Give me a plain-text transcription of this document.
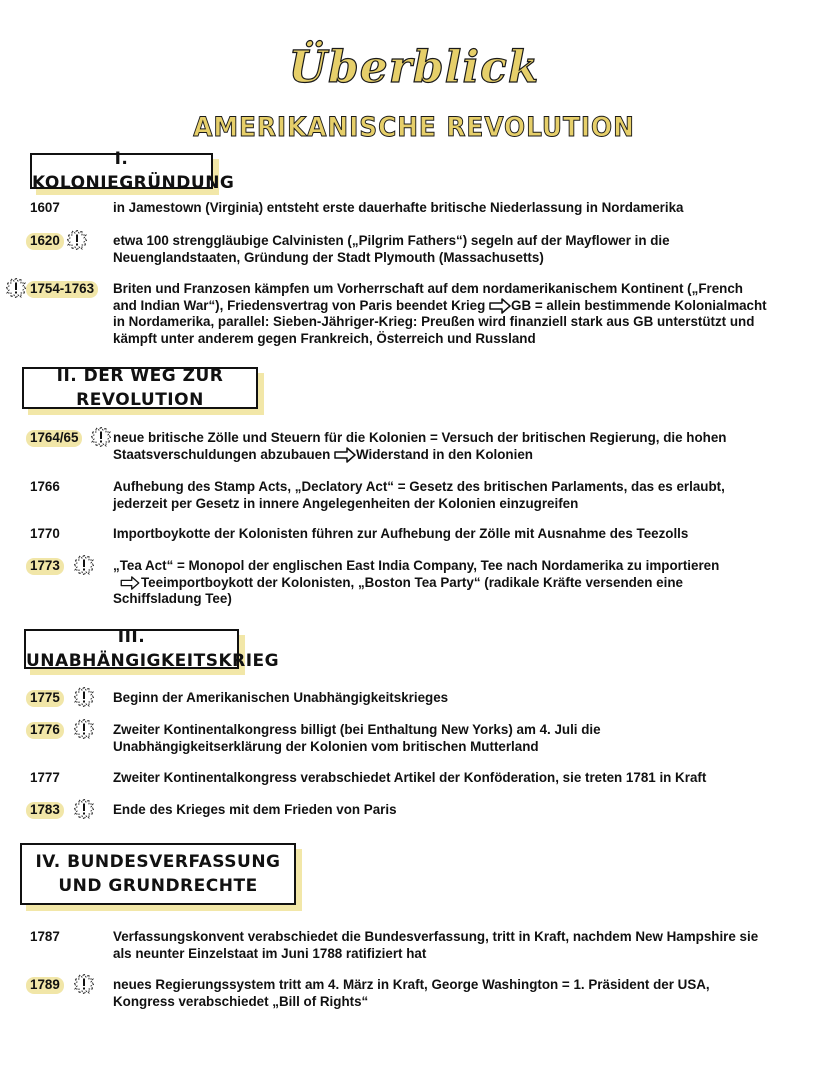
Überblick
AMERIKANISCHE REVOLUTION
I. KOLONIEGRÜNDUNG
1607	in Jamestown (Virginia) entsteht erste dauerhafte britische Niederlassung in Nordamerika
1620	etwa 100 strenggläubige Calvinisten („Pilgrim Fathers“) segeln auf der Mayflower in die
Neuenglandstaaten, Gründung der Stadt Plymouth (Massachusetts)
1754-1763 Briten und Franzosen kämpfen um Vorherrschaft auf dem nordamerikanischem Kontinent („French
and Indian War“), Friedensvertrag von Paris beendet Krieg GB = allein bestimmende Kolonialmacht
in Nordamerika, parallel: Sieben-Jähriger-Krieg: Preußen wird finanziell stark aus GB unterstützt und
kämpft unter anderem gegen Frankreich, Österreich und Russland
II. DER WEG ZUR REVOLUTION
1764/65	neue britische Zölle und Steuern für die Kolonien = Versuch der britischen Regierung, die hohen
Staatsverschuldungen abzubauen Widerstand in den Kolonien
1766	Aufhebung des Stamp Acts, „Declatory Act“ = Gesetz des britischen Parlaments, das es erlaubt,
jederzeit per Gesetz in innere Angelegenheiten der Kolonien einzugreifen
1770	Importboykotte der Kolonisten führen zur Aufhebung der Zölle mit Ausnahme des Teezolls
1773	„Tea Act“ = Monopol der englischen East India Company, Tee nach Nordamerika zu importieren
Teeimportboykott der Kolonisten, „Boston Tea Party“ (radikale Kräfte versenden eine
Schiffsladung Tee)
III. UNABHÄNGIGKEITSKRIEG
1775	Beginn der Amerikanischen Unabhängigkeitskrieges
1776	Zweiter Kontinentalkongress billigt (bei Enthaltung New Yorks) am 4. Juli die
Unabhängigkeitserklärung der Kolonien vom britischen Mutterland
1777	Zweiter Kontinentalkongress verabschiedet Artikel der Konföderation, sie treten 1781 in Kraft
1783	Ende des Krieges mit dem Frieden von Paris
IV. BUNDESVERFASSUNG
UND GRUNDRECHTE
1787	Verfassungskonvent verabschiedet die Bundesverfassung, tritt in Kraft, nachdem New Hampshire sie
als neunter Einzelstaat im Juni 1788 ratifiziert hat
1789	neues Regierungssystem tritt am 4. März in Kraft, George Washington = 1. Präsident der USA,
Kongress verabschiedet „Bill of Rights“
